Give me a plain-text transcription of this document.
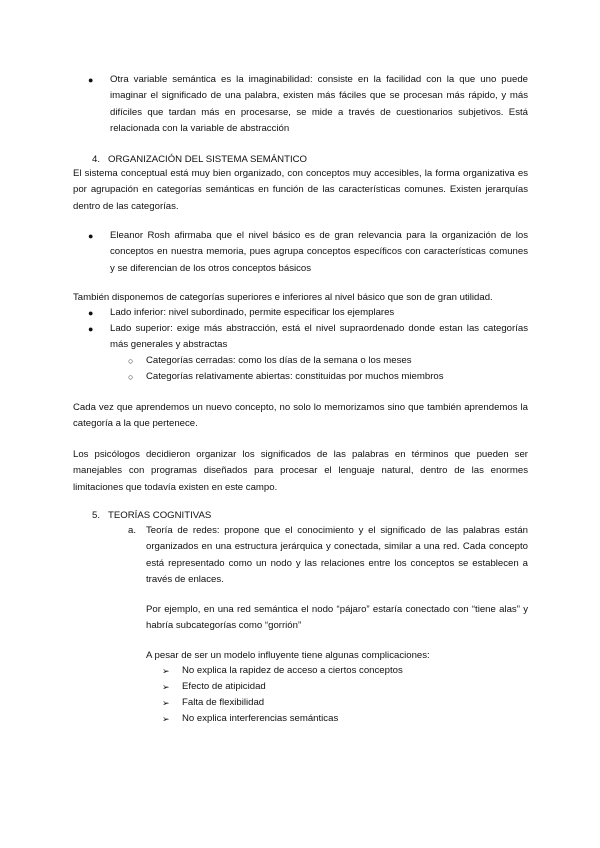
● Otra variable semántica es la imaginabilidad: consiste en la facilidad con la que uno puede imaginar el significado de una palabra, existen más fáciles que se procesan más rápido, y más difíciles que tardan más en procesarse, se mide a través de cuestionarios subjetivos. Está relacionada con la variable de abstracción
4. ORGANIZACIÓN DEL SISTEMA SEMÁNTICO
El sistema conceptual está muy bien organizado, con conceptos muy accesibles, la forma organizativa es por agrupación en categorías semánticas en función de las características comunes. Existen jerarquías dentro de las categorías.
● Eleanor Rosh afirmaba que el nivel básico es de gran relevancia para la organización de los conceptos en nuestra memoria, pues agrupa conceptos específicos con características comunes y se diferencian de los otros conceptos básicos
También disponemos de categorías superiores e inferiores al nivel básico que son de gran utilidad.
● Lado inferior: nivel subordinado, permite especificar los ejemplares
● Lado superior: exige más abstracción, está el nivel supraordenado donde estan las categorías más generales y abstractas
○ Categorías cerradas: como los días de la semana o los meses
○ Categorías relativamente abiertas: constituidas por muchos miembros
Cada vez que aprendemos un nuevo concepto, no solo lo memorizamos sino que también aprendemos la categoría a la que pertenece.
Los psicólogos decidieron organizar los significados de las palabras en términos que pueden ser manejables con programas diseñados para procesar el lenguaje natural, dentro de las enormes limitaciones que todavía existen en este campo.
5. TEORÍAS COGNITIVAS
a. Teoría de redes: propone que el conocimiento y el significado de las palabras están organizados en una estructura jerárquica y conectada, similar a una red. Cada concepto está representado como un nodo y las relaciones entre los conceptos se establecen a través de enlaces.
Por ejemplo, en una red semántica el nodo “pájaro” estaría conectado con “tiene alas” y habría subcategorías como “gorrión”
A pesar de ser un modelo influyente tiene algunas complicaciones:
➢ No explica la rapidez de acceso a ciertos conceptos
➢ Efecto de atipicidad
➢ Falta de flexibilidad
➢ No explica interferencias semánticas
